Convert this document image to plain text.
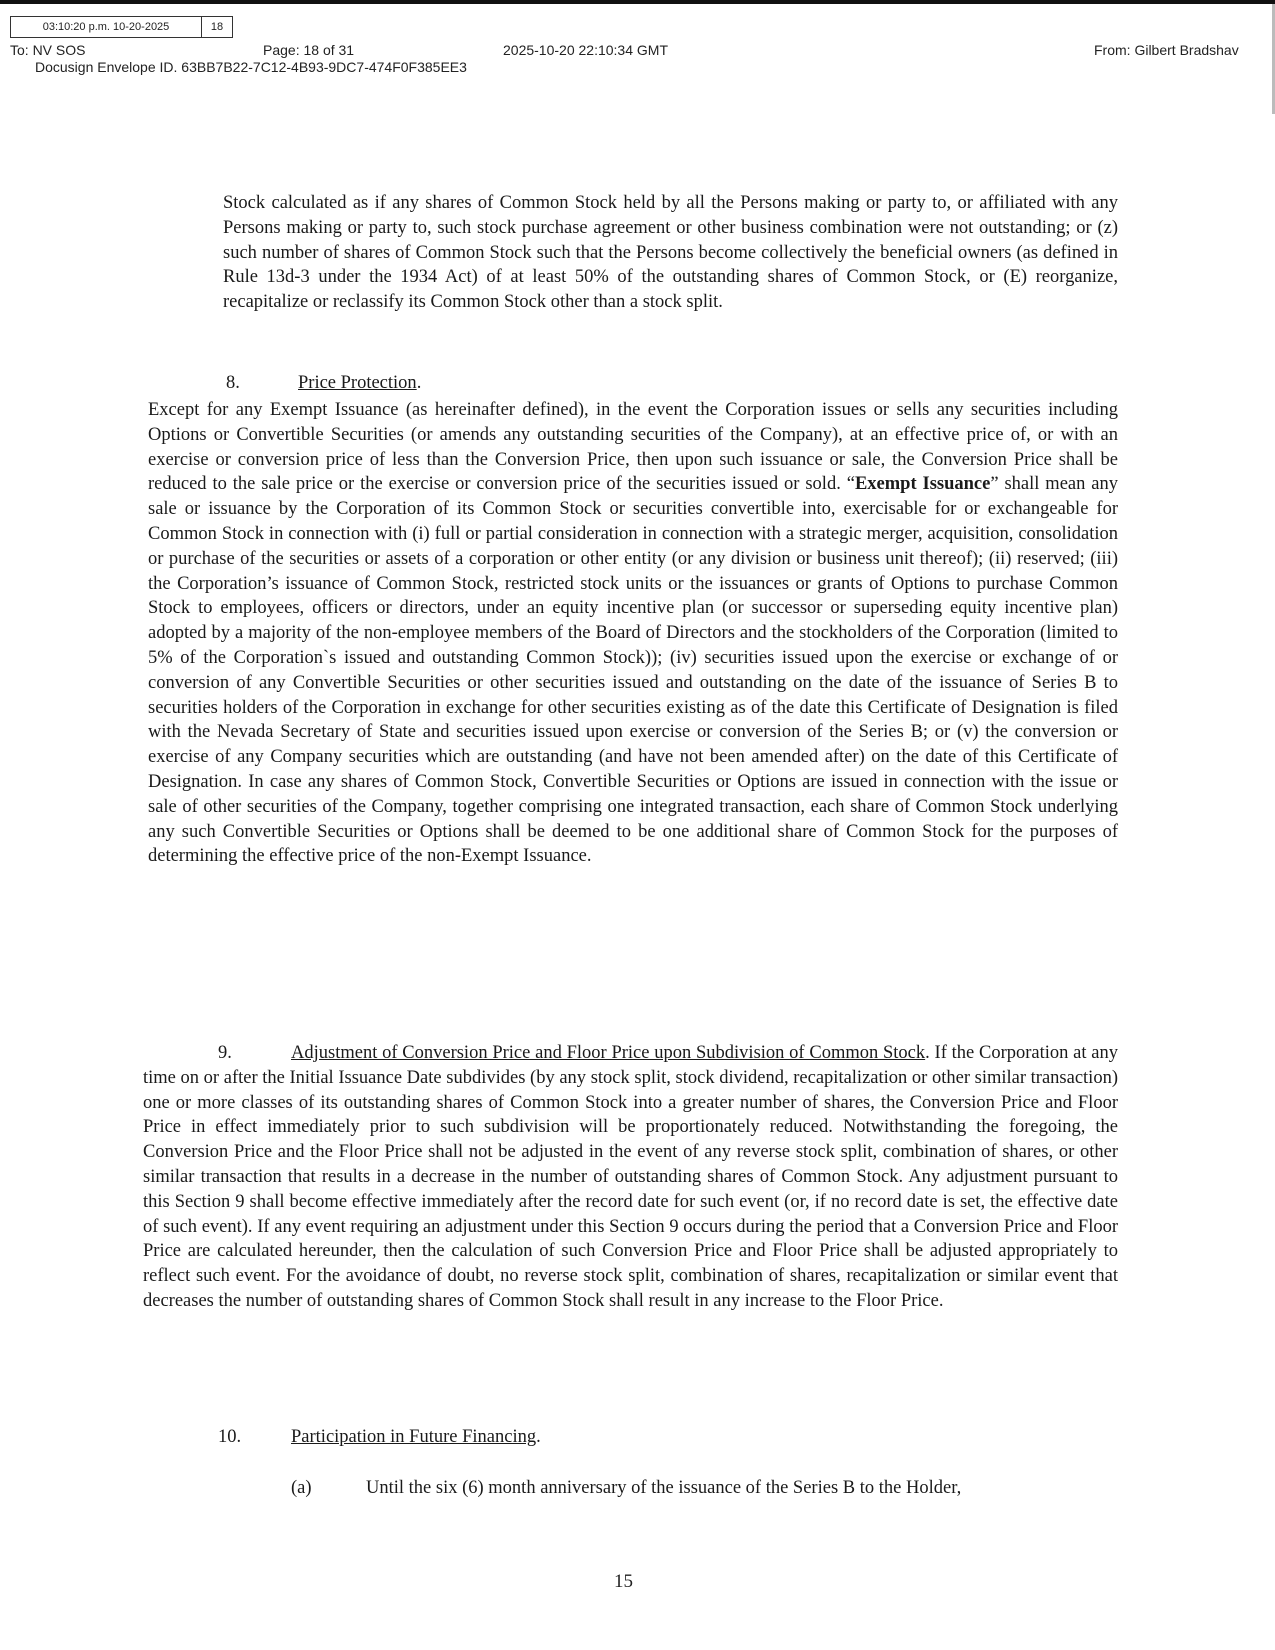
03:10:20 p.m. 10-20-2025	18
To: NV SOS	Page: 18 of 31	2025-10-20 22:10:34 GMT	From: Gilbert Bradshav
Docusign Envelope ID. 63BB7B22-7C12-4B93-9DC7-474F0F385EE3
Stock calculated as if any shares of Common Stock held by all the Persons making or party to, or affiliated with any Persons making or party to, such stock purchase agreement or other business combination were not outstanding; or (z) such number of shares of Common Stock such that the Persons become collectively the beneficial owners (as defined in Rule 13d-3 under the 1934 Act) of at least 50% of the outstanding shares of Common Stock, or (E) reorganize, recapitalize or reclassify its Common Stock other than a stock split.
8.	Price Protection.
Except for any Exempt Issuance (as hereinafter defined), in the event the Corporation issues or sells any securities including Options or Convertible Securities (or amends any outstanding securities of the Company), at an effective price of, or with an exercise or conversion price of less than the Conversion Price, then upon such issuance or sale, the Conversion Price shall be reduced to the sale price or the exercise or conversion price of the securities issued or sold. “Exempt Issuance” shall mean any sale or issuance by the Corporation of its Common Stock or securities convertible into, exercisable for or exchangeable for Common Stock in connection with (i) full or partial consideration in connection with a strategic merger, acquisition, consolidation or purchase of the securities or assets of a corporation or other entity (or any division or business unit thereof); (ii) reserved; (iii) the Corporation’s issuance of Common Stock, restricted stock units or the issuances or grants of Options to purchase Common Stock to employees, officers or directors, under an equity incentive plan (or successor or superseding equity incentive plan) adopted by a majority of the non-employee members of the Board of Directors and the stockholders of the Corporation (limited to 5% of the Corporation`s issued and outstanding Common Stock)); (iv) securities issued upon the exercise or exchange of or conversion of any Convertible Securities or other securities issued and outstanding on the date of the issuance of Series B to securities holders of the Corporation in exchange for other securities existing as of the date this Certificate of Designation is filed with the Nevada Secretary of State and securities issued upon exercise or conversion of the Series B; or (v) the conversion or exercise of any Company securities which are outstanding (and have not been amended after) on the date of this Certificate of Designation. In case any shares of Common Stock, Convertible Securities or Options are issued in connection with the issue or sale of other securities of the Company, together comprising one integrated transaction, each share of Common Stock underlying any such Convertible Securities or Options shall be deemed to be one additional share of Common Stock for the purposes of determining the effective price of the non-Exempt Issuance.
9.	Adjustment of Conversion Price and Floor Price upon Subdivision of Common Stock. If the Corporation at any time on or after the Initial Issuance Date subdivides (by any stock split, stock dividend, recapitalization or other similar transaction) one or more classes of its outstanding shares of Common Stock into a greater number of shares, the Conversion Price and Floor Price in effect immediately prior to such subdivision will be proportionately reduced. Notwithstanding the foregoing, the Conversion Price and the Floor Price shall not be adjusted in the event of any reverse stock split, combination of shares, or other similar transaction that results in a decrease in the number of outstanding shares of Common Stock. Any adjustment pursuant to this Section 9 shall become effective immediately after the record date for such event (or, if no record date is set, the effective date of such event). If any event requiring an adjustment under this Section 9 occurs during the period that a Conversion Price and Floor Price are calculated hereunder, then the calculation of such Conversion Price and Floor Price shall be adjusted appropriately to reflect such event. For the avoidance of doubt, no reverse stock split, combination of shares, recapitalization or similar event that decreases the number of outstanding shares of Common Stock shall result in any increase to the Floor Price.
10.	Participation in Future Financing.
(a)	Until the six (6) month anniversary of the issuance of the Series B to the Holder,
15
